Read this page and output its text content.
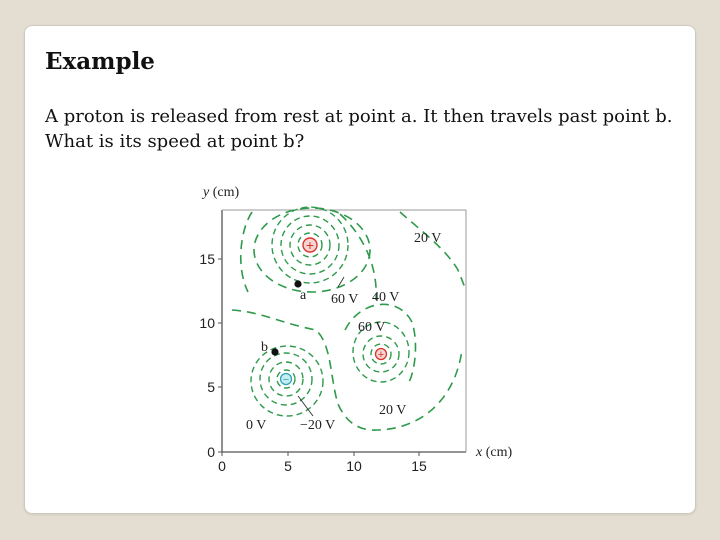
Example
A proton is released from rest at point a. It then travels past point b.
What is its speed at point b?
0
5
10
15
0	5	10	15
y (cm)
x (cm)
+
+
−
a
b
20 V
60 V 40 V
60 V
20 V
0 V −20 V
